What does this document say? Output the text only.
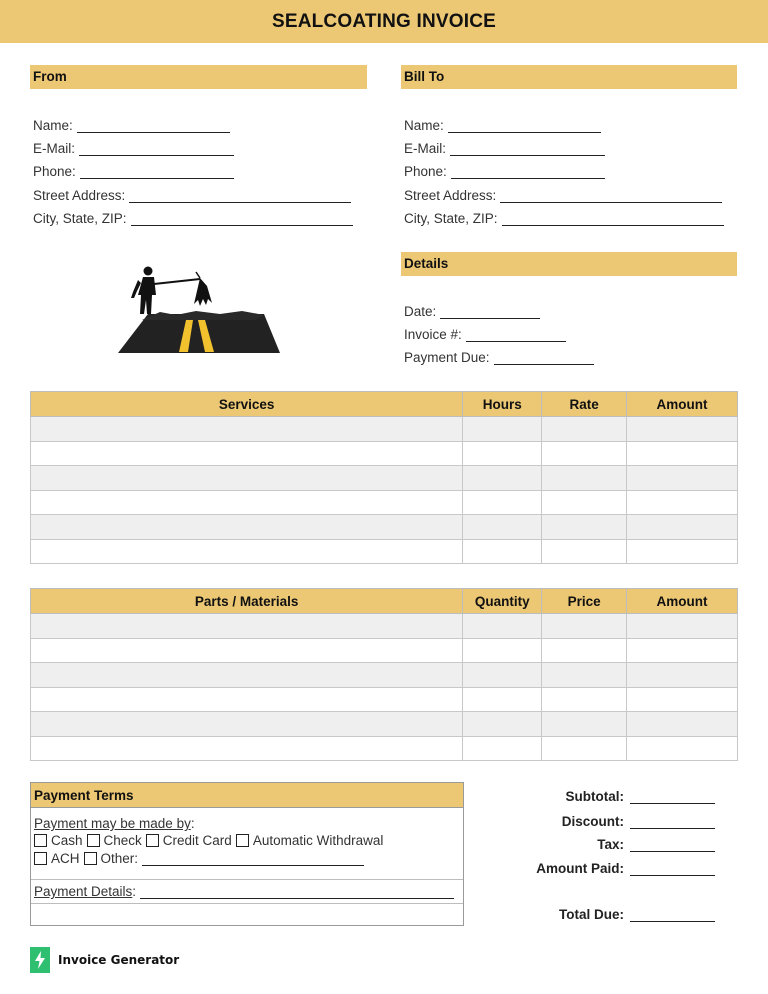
SEALCOATING INVOICE
From
Name:
E-Mail:
Phone:
Street Address:
City, State, ZIP:
Bill To
Name:
E-Mail:
Phone:
Street Address:
City, State, ZIP:
Details
Date:
Invoice #:
Payment Due:
Services	Hours	Rate	Amount

Parts / Materials	Quantity	Price	Amount

Payment Terms
Payment may be made by :
Cash Check Credit Card Automatic Withdrawal
ACH Other:
Payment Details :
Subtotal:
Discount:
Tax:
Amount Paid:
Total Due:
Invoice Generator
